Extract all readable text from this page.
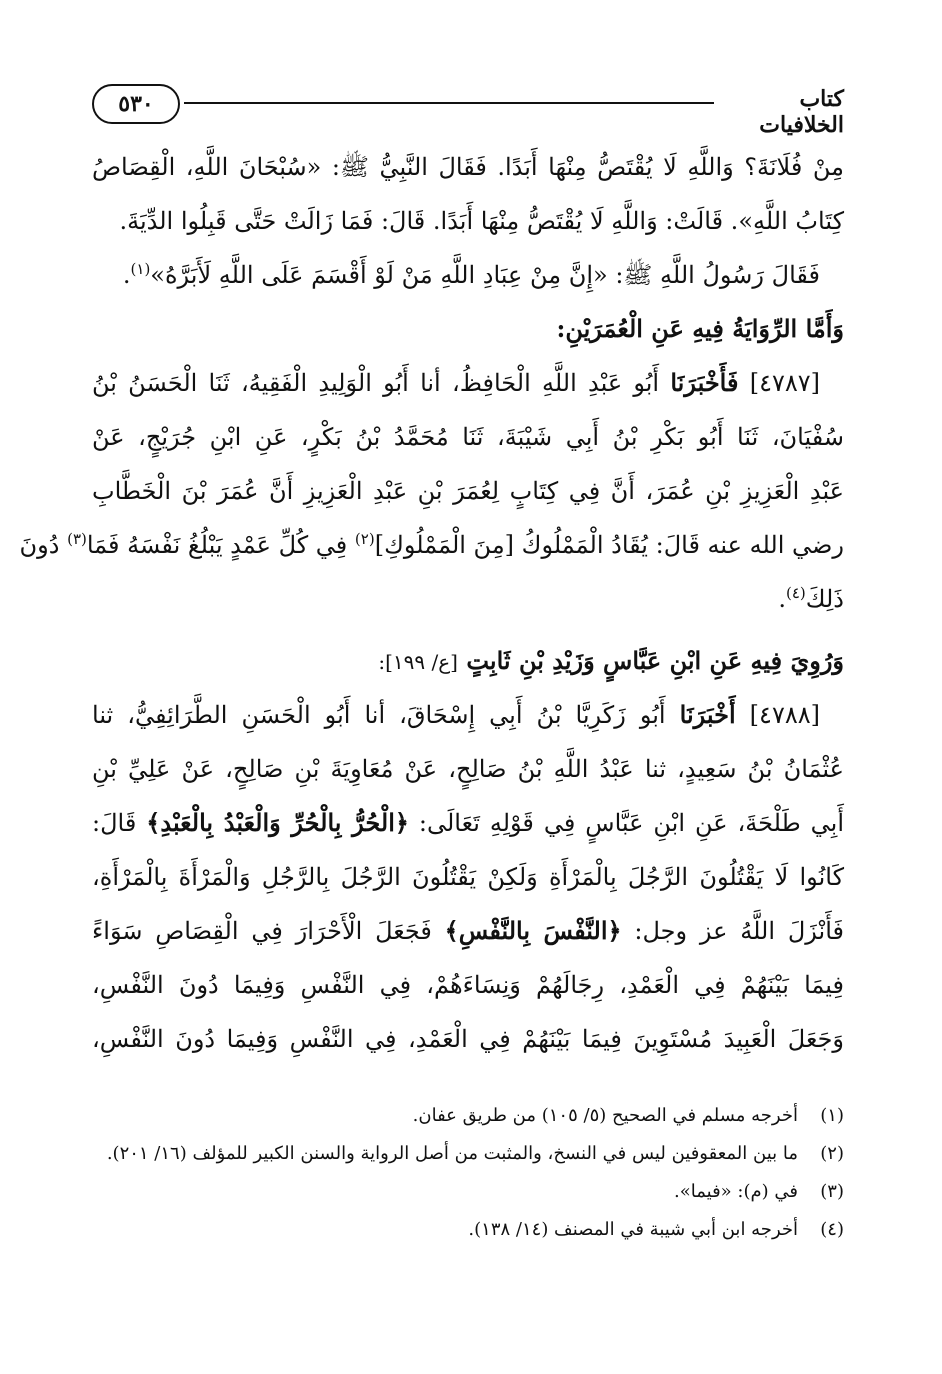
٥٣٠	كتاب الخلافيات
مِنْ فُلَانَةَ؟ وَاللَّهِ لَا يُقْتَصُّ مِنْهَا أَبَدًا. فَقَالَ النَّبِيُّ ﷺ: «سُبْحَانَ اللَّهِ، الْقِصَاصُ
كِتَابُ اللَّهِ». قَالَتْ: وَاللَّهِ لَا يُقْتَصُّ مِنْهَا أَبَدًا. قَالَ: فَمَا زَالَتْ حَتَّى قَبِلُوا الدِّيَةَ.
فَقَالَ رَسُولُ اللَّهِ ﷺ: «إِنَّ مِنْ عِبَادِ اللَّهِ مَنْ لَوْ أَقْسَمَ عَلَى اللَّهِ لَأَبَرَّهُ»$^{(١)}$.
وَأَمَّا الرِّوَايَةُ فِيهِ عَنِ الْعُمَرَيْنِ:
[٤٧٨٧] فَأَخْبَرَنَا أَبُو عَبْدِ اللَّهِ الْحَافِظُ، أنا أَبُو الْوَلِيدِ الْفَقِيهُ، ثَنَا الْحَسَنُ بْنُ
سُفْيَانَ، ثَنَا أَبُو بَكْرِ بْنُ أَبِي شَيْبَةَ، ثَنَا مُحَمَّدُ بْنُ بَكْرٍ، عَنِ ابْنِ جُرَيْجٍ، عَنْ
عَبْدِ الْعَزِيزِ بْنِ عُمَرَ، أَنَّ فِي كِتَابٍ لِعُمَرَ بْنِ عَبْدِ الْعَزِيزِ أَنَّ عُمَرَ بْنَ الْخَطَّابِ
رضي الله عنه قَالَ: يُقَادُ الْمَمْلُوكُ [مِنَ الْمَمْلُوكِ]$^{(٢)}$ فِي كُلِّ عَمْدٍ يَبْلُغُ نَفْسَهُ فَمَا$^{(٣)}$ دُونَ
ذَلِكَ$^{(٤)}$.
وَرُوِيَ فِيهِ عَنِ ابْنِ عَبَّاسٍ وَزَيْدِ بْنِ ثَابِتٍ [ع/ ١٩٩]:
[٤٧٨٨] أَخْبَرَنَا أَبُو زَكَرِيَّا بْنُ أَبِي إِسْحَاقَ، أنا أَبُو الْحَسَنِ الطَّرَائِفِيُّ، ثنا
عُثْمَانُ بْنُ سَعِيدٍ، ثنا عَبْدُ اللَّهِ بْنُ صَالِحٍ، عَنْ مُعَاوِيَةَ بْنِ صَالِحٍ، عَنْ عَلِيِّ بْنِ
أَبِي طَلْحَةَ، عَنِ ابْنِ عَبَّاسٍ فِي قَوْلِهِ تَعَالَى: ﴿الْحُرُّ بِالْحُرِّ وَالْعَبْدُ بِالْعَبْدِ﴾ قَالَ:
كَانُوا لَا يَقْتُلُونَ الرَّجُلَ بِالْمَرْأَةِ وَلَكِنْ يَقْتُلُونَ الرَّجُلَ بِالرَّجُلِ وَالْمَرْأَةَ بِالْمَرْأَةِ،
فَأَنْزَلَ اللَّهُ عز وجل: ﴿النَّفْسَ بِالنَّفْسِ﴾ فَجَعَلَ الْأَحْرَارَ فِي الْقِصَاصِ سَوَاءً
فِيمَا بَيْنَهُمْ فِي الْعَمْدِ، رِجَالَهُمْ وَنِسَاءَهُمْ، فِي النَّفْسِ وَفِيمَا دُونَ النَّفْسِ،
وَجَعَلَ الْعَبِيدَ مُسْتَوِينَ فِيمَا بَيْنَهُمْ فِي الْعَمْدِ، فِي النَّفْسِ وَفِيمَا دُونَ النَّفْسِ،
(١)
أخرجه مسلم في الصحيح (٥/ ١٠٥) من طريق عفان.
(٢)
ما بين المعقوفين ليس في النسخ، والمثبت من أصل الرواية والسنن الكبير للمؤلف (١٦/ ٢٠١).
(٣)
في (م): «فيما».
(٤)
أخرجه ابن أبي شيبة في المصنف (١٤/ ١٣٨).
